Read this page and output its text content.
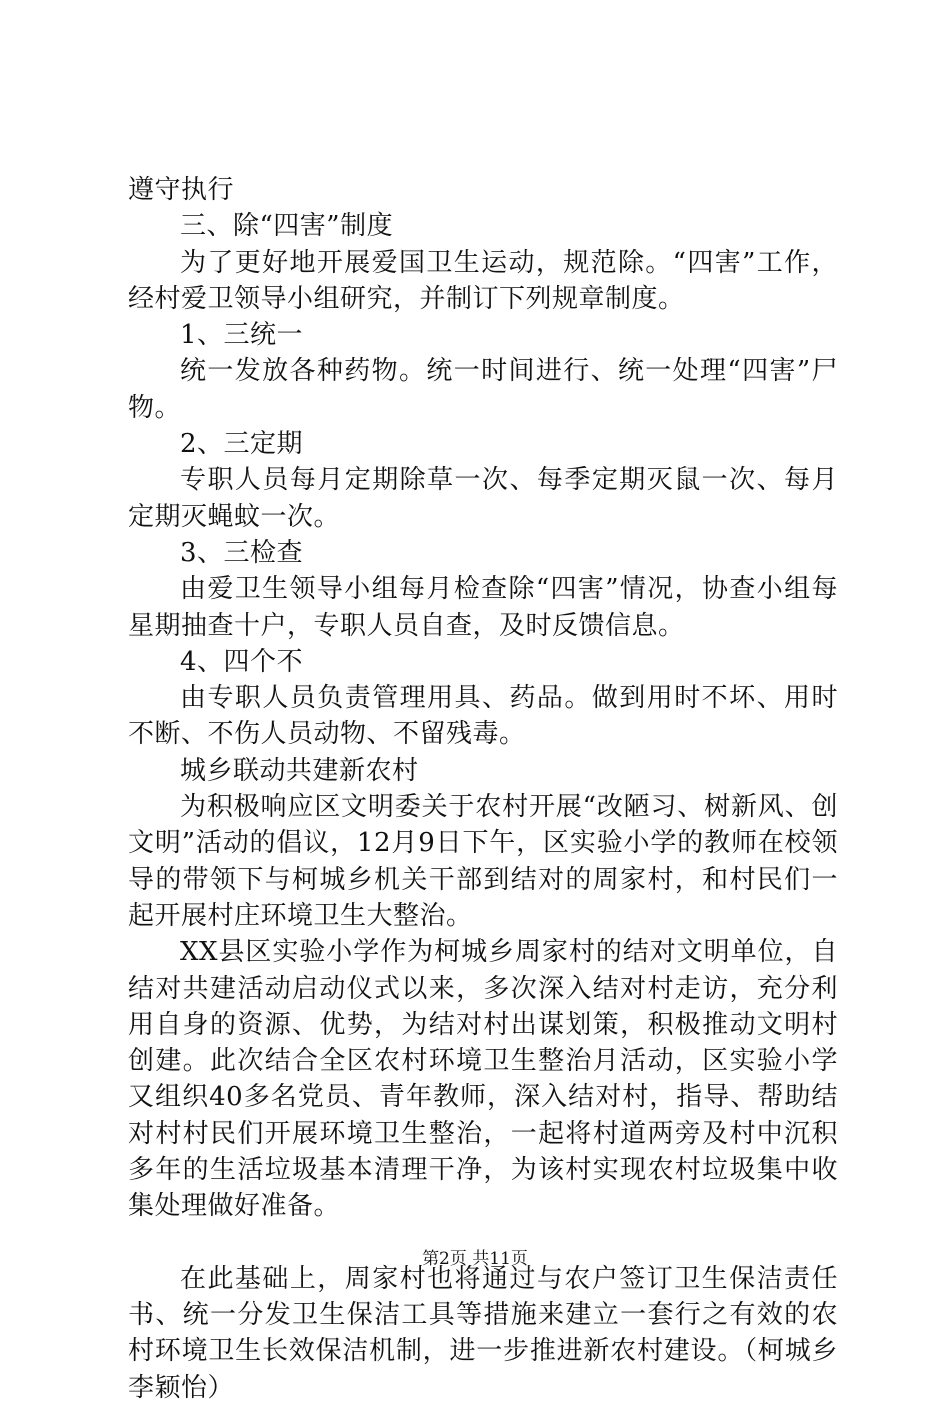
遵守执行

三、除“四害”制度

为了更好地开展爱国卫生运动，规范除。“四害”工作，经村爱卫领导小组研究，并制订下列规章制度。

1、三统一

统一发放各种药物。统一时间进行、统一处理“四害”尸物。

2、三定期

专职人员每月定期除草一次、每季定期灭鼠一次、每月定期灭蝇蚊一次。

3、三检查

由爱卫生领导小组每月检查除“四害”情况，协查小组每星期抽查十户，专职人员自查，及时反馈信息。

4、四个不

由专职人员负责管理用具、药品。做到用时不坏、用时不断、不伤人员动物、不留残毒。

城乡联动共建新农村

为积极响应区文明委关于农村开展“改陋习、树新风、创文明”活动的倡议，12月9日下午，区实验小学的教师在校领导的带领下与柯城乡机关干部到结对的周家村，和村民们一起开展村庄环境卫生大整治。

XX县区实验小学作为柯城乡周家村的结对文明单位，自结对共建活动启动仪式以来，多次深入结对村走访，充分利用自身的资源、优势，为结对村出谋划策，积极推动文明村创建。此次结合全区农村环境卫生整治月活动，区实验小学又组织40多名党员、青年教师，深入结对村，指导、帮助结对村村民们开展环境卫生整治，一起将村道两旁及村中沉积多年的生活垃圾基本清理干净，为该村实现农村垃圾集中收集处理做好准备。

在此基础上，周家村也将通过与农户签订卫生保洁责任书、统一分发卫生保洁工具等措施来建立一套行之有效的农村环境卫生长效保洁机制，进一步推进新农村建设。（柯城乡李颖怡）

第2页 共11页
